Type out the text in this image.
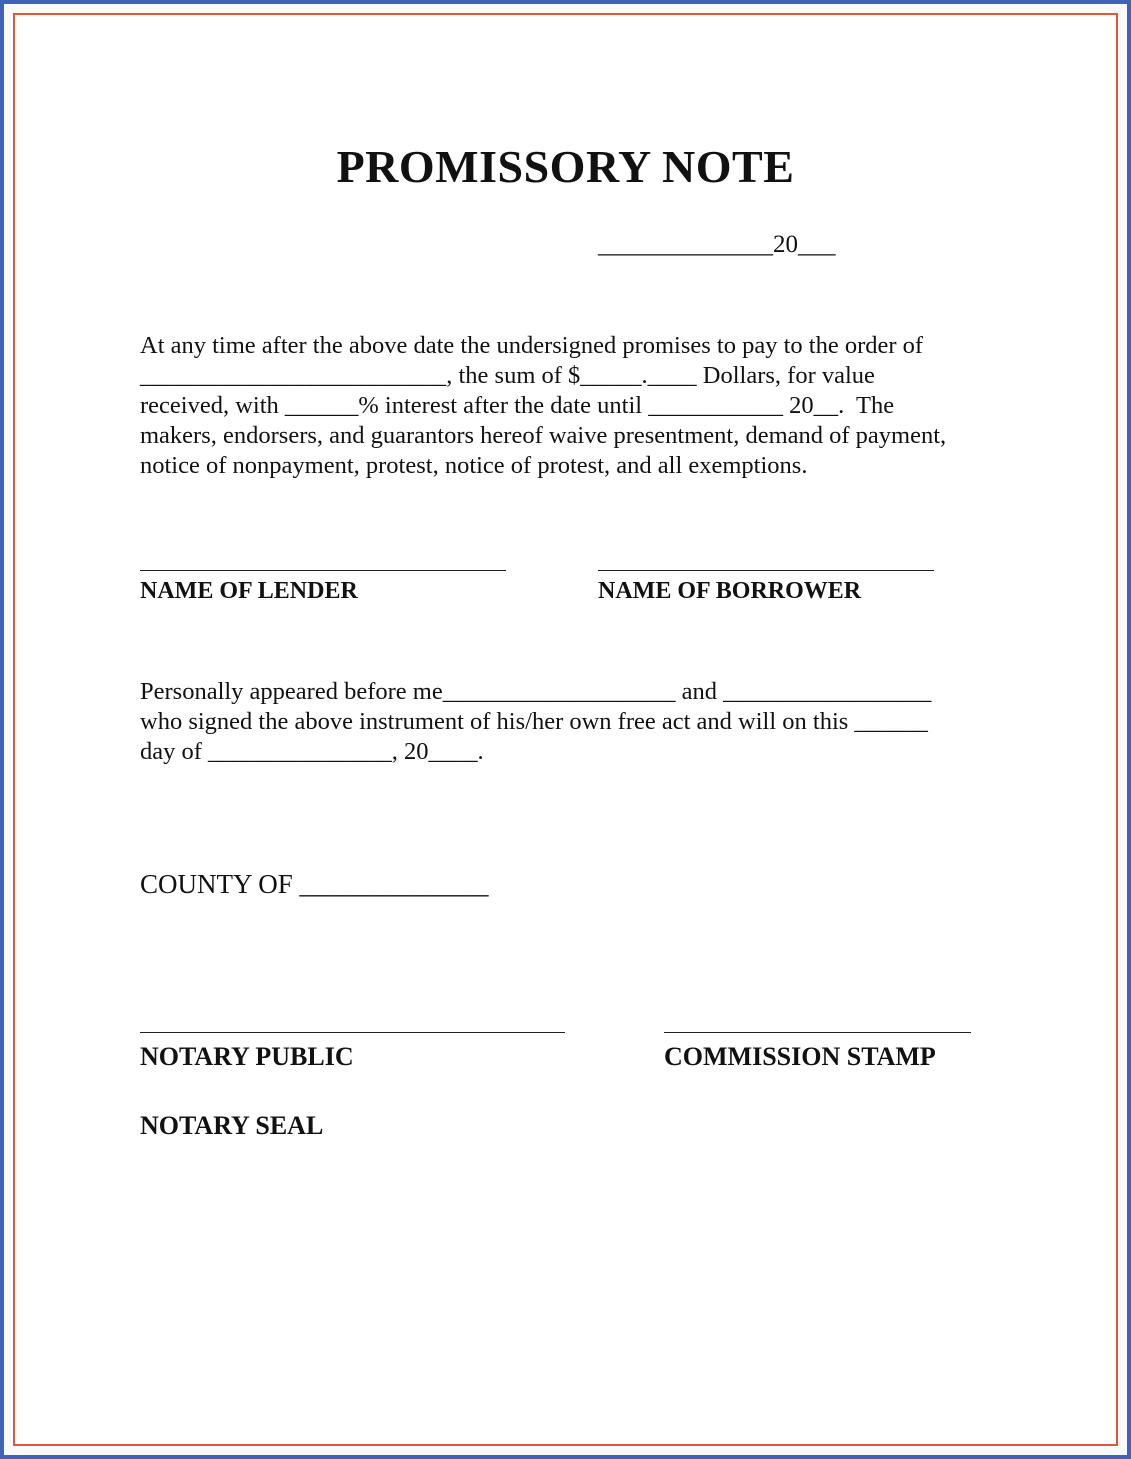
PROMISSORY NOTE
______________20___
At any time after the above date the undersigned promises to pay to the order of
_________________________, the sum of $_____.____ Dollars, for value
received, with ______% interest after the date until ___________ 20__.  The
makers, endorsers, and guarantors hereof waive presentment, demand of payment,
notice of nonpayment, protest, notice of protest, and all exemptions.
NAME OF LENDER	NAME OF BORROWER
Personally appeared before me___________________ and _________________
who signed the above instrument of his/her own free act and will on this ______
day of _______________, 20____.
COUNTY OF ______________
NOTARY PUBLIC	COMMISSION STAMP
NOTARY SEAL
